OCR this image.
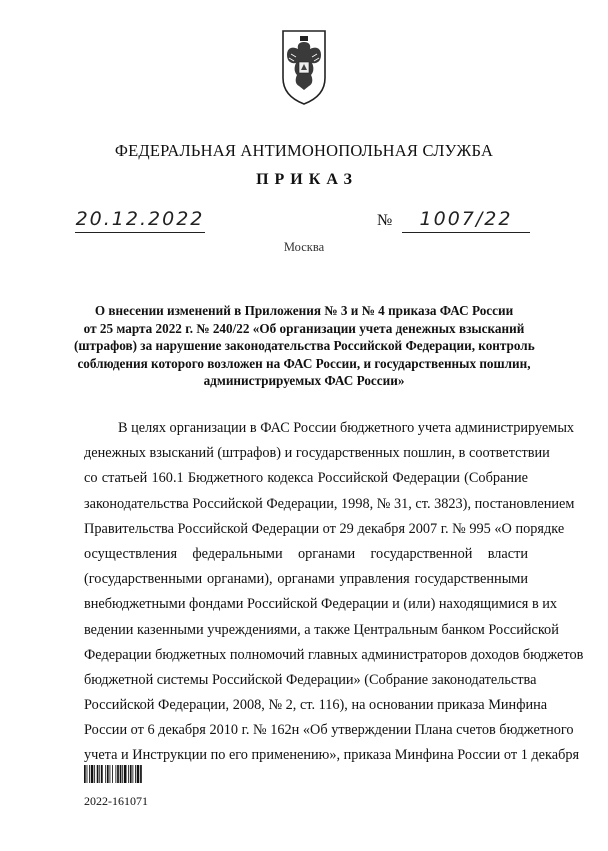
ФЕДЕРАЛЬНАЯ АНТИМОНОПОЛЬНАЯ СЛУЖБА
ПРИКАЗ
20.12.2022	№	1007/22
Москва
О внесении изменений в Приложения № 3 и № 4 приказа ФАС России
от 25 марта 2022 г. № 240/22 «Об организации учета денежных взысканий
(штрафов) за нарушение законодательства Российской Федерации, контроль
соблюдения которого возложен на ФАС России, и государственных пошлин,
администрируемых ФАС России»
В целях организации в ФАС России бюджетного учета администрируемых
денежных взысканий (штрафов) и государственных пошлин, в соответствии
со статьей 160.1 Бюджетного кодекса Российской Федерации (Собрание
законодательства Российской Федерации, 1998, № 31, ст. 3823), постановлением
Правительства Российской Федерации от 29 декабря 2007 г. № 995 «О порядке
осуществления федеральными органами государственной власти
(государственными органами), органами управления государственными
внебюджетными фондами Российской Федерации и (или) находящимися в их
ведении казенными учреждениями, а также Центральным банком Российской
Федерации бюджетных полномочий главных администраторов доходов бюджетов
бюджетной системы Российской Федерации» (Собрание законодательства
Российской Федерации, 2008, № 2, ст. 116), на основании приказа Минфина
России от 6 декабря 2010 г. № 162н «Об утверждении Плана счетов бюджетного
учета и Инструкции по его применению», приказа Минфина России от 1 декабря
2022-161071
